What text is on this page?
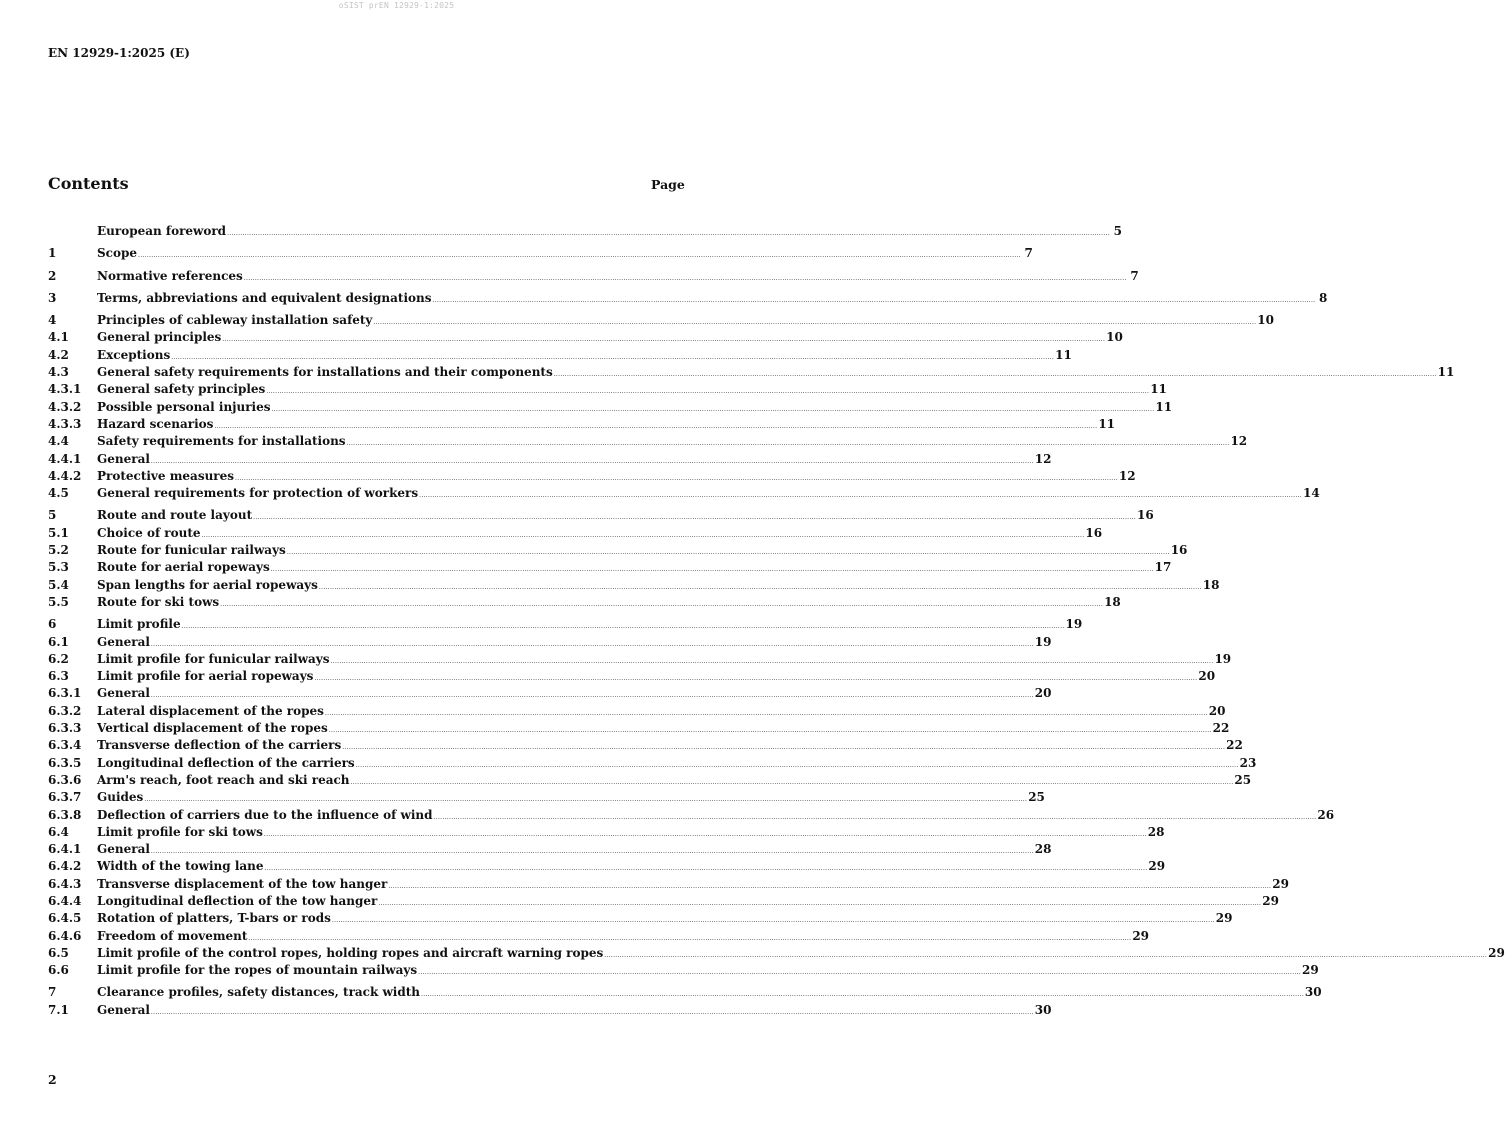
oSIST prEN 12929-1:2025
EN 12929-1:2025 (E)
Contents	Page
European foreword ................................................................................................................................................................................................................................................................................................................................................................................................................ 5
1	Scope ................................................................................................................................................................................................................................................................................................................................................................................................................ 7
2	Normative references ................................................................................................................................................................................................................................................................................................................................................................................................................ 7
3	Terms, abbreviations and equivalent designations ................................................................................................................................................................................................................................................................................................................................................................................................................ 8
4	Principles of cableway installation safety ................................................................................................................................................................................................................................................................................................................................................................................................................ 10
4.1	General principles ................................................................................................................................................................................................................................................................................................................................................................................................................ 10
4.2	Exceptions ................................................................................................................................................................................................................................................................................................................................................................................................................ 11
4.3	General safety requirements for installations and their components ................................................................................................................................................................................................................................................................................................................................................................................................................ 11
4.3.1	General safety principles ................................................................................................................................................................................................................................................................................................................................................................................................................ 11
4.3.2	Possible personal injuries ................................................................................................................................................................................................................................................................................................................................................................................................................ 11
4.3.3	Hazard scenarios ................................................................................................................................................................................................................................................................................................................................................................................................................ 11
4.4	Safety requirements for installations ................................................................................................................................................................................................................................................................................................................................................................................................................ 12
4.4.1	General ................................................................................................................................................................................................................................................................................................................................................................................................................ 12
4.4.2	Protective measures ................................................................................................................................................................................................................................................................................................................................................................................................................ 12
4.5	General requirements for protection of workers ................................................................................................................................................................................................................................................................................................................................................................................................................ 14
5	Route and route layout ................................................................................................................................................................................................................................................................................................................................................................................................................ 16
5.1	Choice of route ................................................................................................................................................................................................................................................................................................................................................................................................................ 16
5.2	Route for funicular railways ................................................................................................................................................................................................................................................................................................................................................................................................................ 16
5.3	Route for aerial ropeways ................................................................................................................................................................................................................................................................................................................................................................................................................ 17
5.4	Span lengths for aerial ropeways ................................................................................................................................................................................................................................................................................................................................................................................................................ 18
5.5	Route for ski tows ................................................................................................................................................................................................................................................................................................................................................................................................................ 18
6	Limit profile ................................................................................................................................................................................................................................................................................................................................................................................................................ 19
6.1	General ................................................................................................................................................................................................................................................................................................................................................................................................................ 19
6.2	Limit profile for funicular railways ................................................................................................................................................................................................................................................................................................................................................................................................................ 19
6.3	Limit profile for aerial ropeways ................................................................................................................................................................................................................................................................................................................................................................................................................ 20
6.3.1	General ................................................................................................................................................................................................................................................................................................................................................................................................................ 20
6.3.2	Lateral displacement of the ropes ................................................................................................................................................................................................................................................................................................................................................................................................................ 20
6.3.3	Vertical displacement of the ropes ................................................................................................................................................................................................................................................................................................................................................................................................................ 22
6.3.4	Transverse deflection of the carriers ................................................................................................................................................................................................................................................................................................................................................................................................................ 22
6.3.5	Longitudinal deflection of the carriers ................................................................................................................................................................................................................................................................................................................................................................................................................ 23
6.3.6	Arm's reach, foot reach and ski reach ................................................................................................................................................................................................................................................................................................................................................................................................................ 25
6.3.7	Guides ................................................................................................................................................................................................................................................................................................................................................................................................................ 25
6.3.8	Deflection of carriers due to the influence of wind ................................................................................................................................................................................................................................................................................................................................................................................................................ 26
6.4	Limit profile for ski tows ................................................................................................................................................................................................................................................................................................................................................................................................................ 28
6.4.1	General ................................................................................................................................................................................................................................................................................................................................................................................................................ 28
6.4.2	Width of the towing lane ................................................................................................................................................................................................................................................................................................................................................................................................................ 29
6.4.3	Transverse displacement of the tow hanger ................................................................................................................................................................................................................................................................................................................................................................................................................ 29
6.4.4	Longitudinal deflection of the tow hanger ................................................................................................................................................................................................................................................................................................................................................................................................................ 29
6.4.5	Rotation of platters, T-bars or rods ................................................................................................................................................................................................................................................................................................................................................................................................................ 29
6.4.6	Freedom of movement ................................................................................................................................................................................................................................................................................................................................................................................................................ 29
6.5	Limit profile of the control ropes, holding ropes and aircraft warning ropes ................................................................................................................................................................................................................................................................................................................................................................................................................ 29
6.6	Limit profile for the ropes of mountain railways ................................................................................................................................................................................................................................................................................................................................................................................................................ 29
7	Clearance profiles, safety distances, track width ................................................................................................................................................................................................................................................................................................................................................................................................................ 30
7.1	General ................................................................................................................................................................................................................................................................................................................................................................................................................ 30
2
